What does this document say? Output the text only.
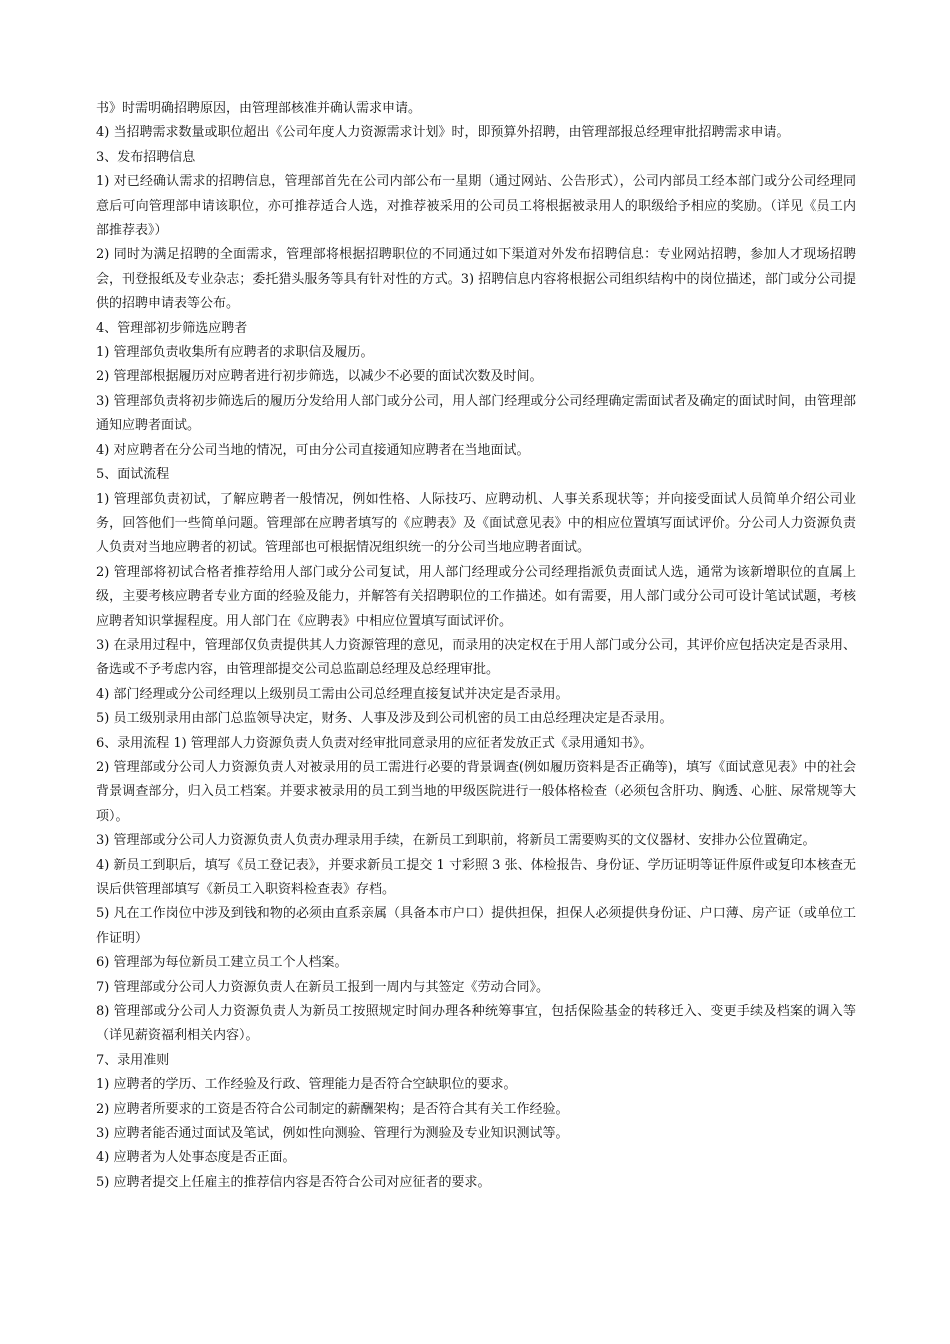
书》时需明确招聘原因，由管理部核准并确认需求申请。

4) 当招聘需求数量或职位超出《公司年度人力资源需求计划》时，即预算外招聘，由管理部报总经理审批招聘需求申请。

3、发布招聘信息

1) 对已经确认需求的招聘信息，管理部首先在公司内部公布一星期（通过网站、公告形式），公司内部员工经本部门或分公司经理同意后可向管理部申请该职位，亦可推荐适合人选，对推荐被采用的公司员工将根据被录用人的职级给予相应的奖励。（详见《员工内部推荐表》）

2) 同时为满足招聘的全面需求，管理部将根据招聘职位的不同通过如下渠道对外发布招聘信息：专业网站招聘，参加人才现场招聘会，刊登报纸及专业杂志；委托猎头服务等具有针对性的方式。3) 招聘信息内容将根据公司组织结构中的岗位描述，部门或分公司提供的招聘申请表等公布。

4、管理部初步筛选应聘者

1) 管理部负责收集所有应聘者的求职信及履历。

2) 管理部根据履历对应聘者进行初步筛选，以减少不必要的面试次数及时间。

3) 管理部负责将初步筛选后的履历分发给用人部门或分公司，用人部门经理或分公司经理确定需面试者及确定的面试时间，由管理部通知应聘者面试。

4) 对应聘者在分公司当地的情况，可由分公司直接通知应聘者在当地面试。

5、面试流程

1) 管理部负责初试，了解应聘者一般情况，例如性格、人际技巧、应聘动机、人事关系现状等；并向接受面试人员简单介绍公司业务，回答他们一些简单问题。管理部在应聘者填写的《应聘表》及《面试意见表》中的相应位置填写面试评价。分公司人力资源负责人负责对当地应聘者的初试。管理部也可根据情况组织统一的分公司当地应聘者面试。

2) 管理部将初试合格者推荐给用人部门或分公司复试，用人部门经理或分公司经理指派负责面试人选，通常为该新增职位的直属上级，主要考核应聘者专业方面的经验及能力，并解答有关招聘职位的工作描述。如有需要，用人部门或分公司可设计笔试试题，考核应聘者知识掌握程度。用人部门在《应聘表》中相应位置填写面试评价。

3) 在录用过程中，管理部仅负责提供其人力资源管理的意见，而录用的决定权在于用人部门或分公司，其评价应包括决定是否录用、备选或不予考虑内容，由管理部提交公司总监副总经理及总经理审批。

4) 部门经理或分公司经理以上级别员工需由公司总经理直接复试并决定是否录用。

5) 员工级别录用由部门总监领导决定，财务、人事及涉及到公司机密的员工由总经理决定是否录用。

6、录用流程 1) 管理部人力资源负责人负责对经审批同意录用的应征者发放正式《录用通知书》。

2) 管理部或分公司人力资源负责人对被录用的员工需进行必要的背景调查(例如履历资料是否正确等)，填写《面试意见表》中的社会背景调查部分，归入员工档案。并要求被录用的员工到当地的甲级医院进行一般体格检查（必须包含肝功、胸透、心脏、尿常规等大项）。

3) 管理部或分公司人力资源负责人负责办理录用手续，在新员工到职前，将新员工需要购买的文仪器材、安排办公位置确定。

4) 新员工到职后，填写《员工登记表》，并要求新员工提交 1 寸彩照 3 张、体检报告、身份证、学历证明等证件原件或复印本核查无误后供管理部填写《新员工入职资料检查表》存档。

5) 凡在工作岗位中涉及到钱和物的必须由直系亲属（具备本市户口）提供担保，担保人必须提供身份证、户口薄、房产证（或单位工作证明）

6) 管理部为每位新员工建立员工个人档案。

7) 管理部或分公司人力资源负责人在新员工报到一周内与其签定《劳动合同》。

8) 管理部或分公司人力资源负责人为新员工按照规定时间办理各种统筹事宜，包括保险基金的转移迁入、变更手续及档案的调入等（详见薪资福利相关内容）。

7、录用准则

1) 应聘者的学历、工作经验及行政、管理能力是否符合空缺职位的要求。

2) 应聘者所要求的工资是否符合公司制定的薪酬架构；是否符合其有关工作经验。

3) 应聘者能否通过面试及笔试，例如性向测验、管理行为测验及专业知识测试等。

4) 应聘者为人处事态度是否正面。

5) 应聘者提交上任雇主的推荐信内容是否符合公司对应征者的要求。
